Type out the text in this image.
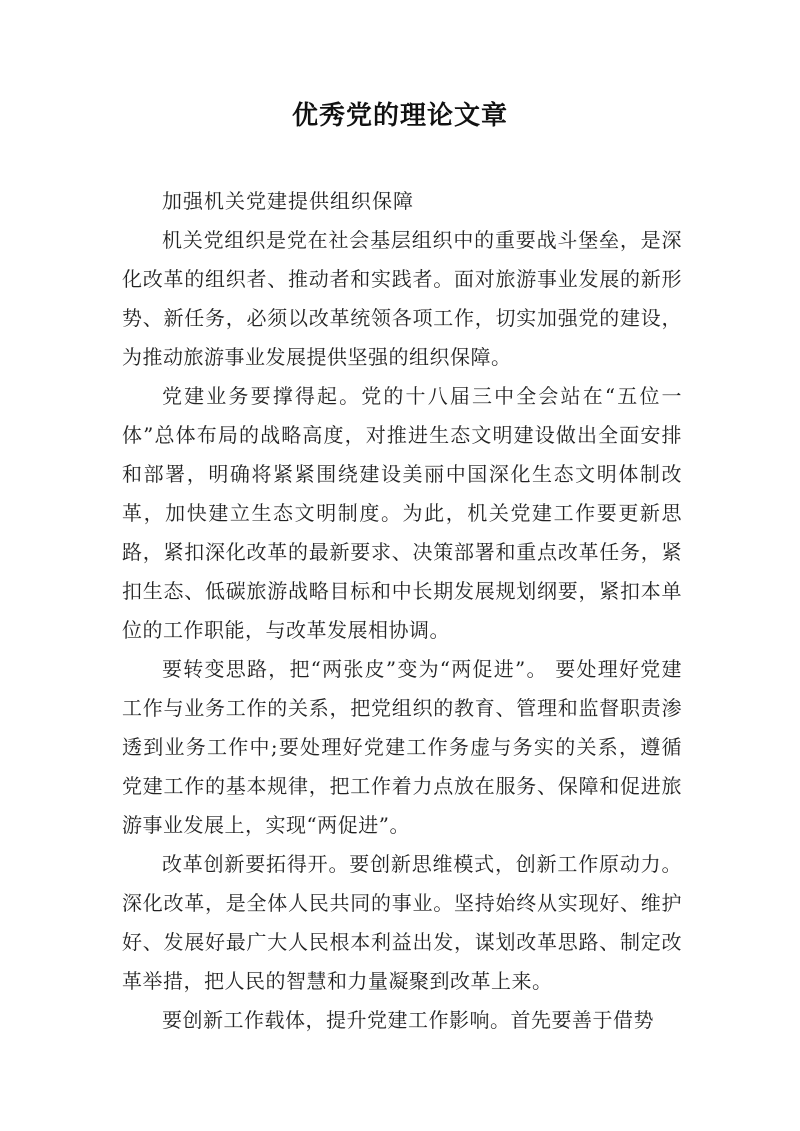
优秀党的理论文章

加强机关党建提供组织保障

机关党组织是党在社会基层组织中的重要战斗堡垒，是深化改革的组织者、推动者和实践者。面对旅游事业发展的新形势、新任务，必须以改革统领各项工作，切实加强党的建设，为推动旅游事业发展提供坚强的组织保障。

党建业务要撑得起。党的十八届三中全会站在“五位一体”总体布局的战略高度，对推进生态文明建设做出全面安排和部署，明确将紧紧围绕建设美丽中国深化生态文明体制改革，加快建立生态文明制度。为此，机关党建工作要更新思路，紧扣深化改革的最新要求、决策部署和重点改革任务，紧扣生态、低碳旅游战略目标和中长期发展规划纲要，紧扣本单位的工作职能，与改革发展相协调。

要转变思路，把“两张皮”变为“两促进”。 要处理好党建工作与业务工作的关系，把党组织的教育、管理和监督职责渗透到业务工作中;要处理好党建工作务虚与务实的关系，遵循党建工作的基本规律，把工作着力点放在服务、保障和促进旅游事业发展上，实现“两促进”。

改革创新要拓得开。要创新思维模式，创新工作原动力。深化改革，是全体人民共同的事业。坚持始终从实现好、维护好、发展好最广大人民根本利益出发，谋划改革思路、制定改革举措，把人民的智慧和力量凝聚到改革上来。

要创新工作载体，提升党建工作影响。首先要善于借势
